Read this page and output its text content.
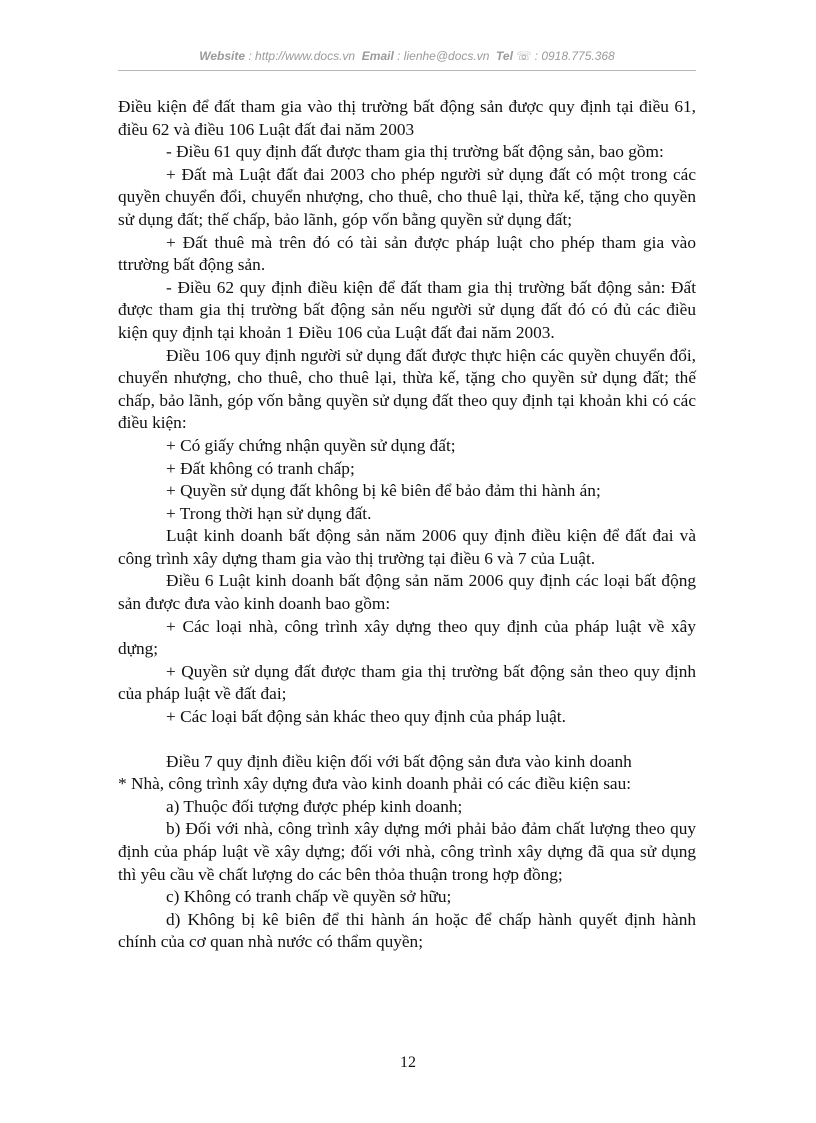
Website : http://www.docs.vn Email : lienhe@docs.vn Tel ☏ : 0918.775.368

Điều kiện để đất tham gia vào thị trường bất động sản được quy định tại điều 61, điều 62 và điều 106 Luật đất đai năm 2003

- Điều 61 quy định đất được tham gia thị trường bất động sản, bao gồm:

+ Đất mà Luật đất đai 2003 cho phép người sử dụng đất có một trong các quyền chuyển đổi, chuyển nhượng, cho thuê, cho thuê lại, thừa kế, tặng cho quyền sử dụng đất; thế chấp, bảo lãnh, góp vốn bằng quyền sử dụng đất;

+ Đất thuê mà trên đó có tài sản được pháp luật cho phép tham gia vào ttrường bất động sản.

- Điều 62 quy định điều kiện để đất tham gia thị trường bất động sản: Đất được tham gia thị trường bất động sản nếu người sử dụng đất đó có đủ các điều kiện quy định tại khoản 1 Điều 106 của Luật đất đai năm 2003.

Điều 106 quy định người sử dụng đất được thực hiện các quyền chuyển đổi, chuyển nhượng, cho thuê, cho thuê lại, thừa kế, tặng cho quyền sử dụng đất; thế chấp, bảo lãnh, góp vốn bằng quyền sử dụng đất theo quy định tại khoản khi có các điều kiện:

+ Có giấy chứng nhận quyền sử dụng đất;

+ Đất không có tranh chấp;

+ Quyền sử dụng đất không bị kê biên để bảo đảm thi hành án;

+ Trong thời hạn sử dụng đất.

Luật kinh doanh bất động sản năm 2006 quy định điều kiện để đất đai và công trình xây dựng tham gia vào thị trường tại điều 6 và 7 của Luật.

Điều 6 Luật kinh doanh bất động sản năm 2006 quy định các loại bất động sản được đưa vào kinh doanh bao gồm:

+ Các loại nhà, công trình xây dựng theo quy định của pháp luật về xây dựng;

+ Quyền sử dụng đất được tham gia thị trường bất động sản theo quy định của pháp luật về đất đai;

+ Các loại bất động sản khác theo quy định của pháp luật.

Điều 7 quy định điều kiện đối với bất động sản đưa vào kinh doanh

* Nhà, công trình xây dựng đưa vào kinh doanh phải có các điều kiện sau:

a) Thuộc đối tượng được phép kinh doanh;

b) Đối với nhà, công trình xây dựng mới phải bảo đảm chất lượng theo quy định của pháp luật về xây dựng; đối với nhà, công trình xây dựng đã qua sử dụng thì yêu cầu về chất lượng do các bên thỏa thuận trong hợp đồng;

c) Không có tranh chấp về quyền sở hữu;

d) Không bị kê biên để thi hành án hoặc để chấp hành quyết định hành chính của cơ quan nhà nước có thẩm quyền;

12
